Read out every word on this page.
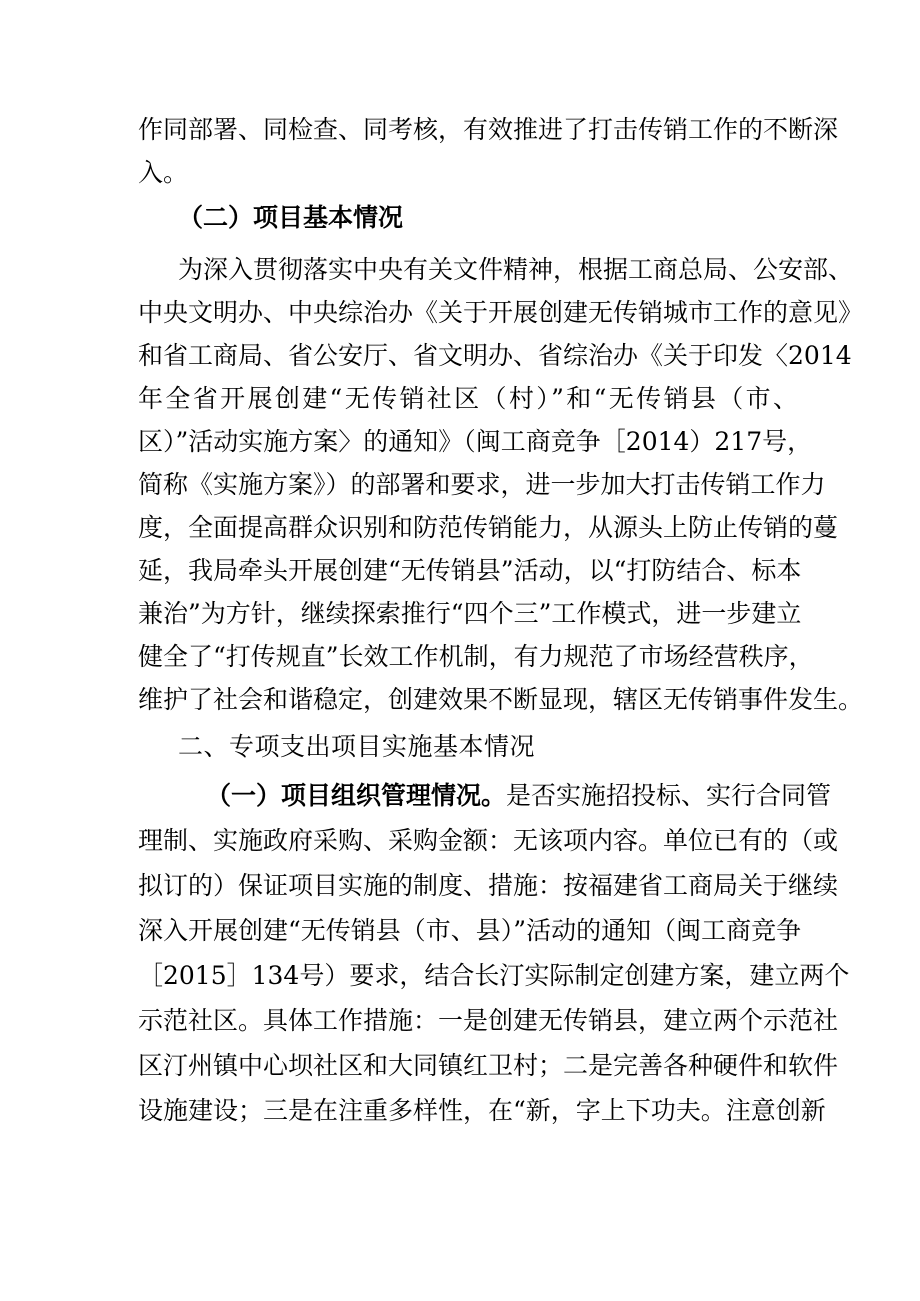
作同部署、同检查、同考核，有效推进了打击传销工作的不断深
入。
（二）项目基本情况
为深入贯彻落实中央有关文件精神，根据工商总局、公安部、
中央文明办、中央综治办《关于开展创建无传销城市工作的意见》
和省工商局、省公安厅、省文明办、省综治办《关于印发〈2014
年全省开展创建“无传销社区（村）”和“无传销县（市、
区）”活动实施方案〉的通知》（闽工商竞争［2014）217号，
简称《实施方案》）的部署和要求，进一步加大打击传销工作力
度，全面提高群众识别和防范传销能力，从源头上防止传销的蔓
延，我局牵头开展创建“无传销县”活动，以“打防结合、标本
兼治”为方针，继续探索推行“四个三”工作模式，进一步建立
健全了“打传规直”长效工作机制，有力规范了市场经营秩序，
维护了社会和谐稳定，创建效果不断显现，辖区无传销事件发生。
二、专项支出项目实施基本情况
（一）项目组织管理情况。是否实施招投标、实行合同管
理制、实施政府采购、采购金额：无该项内容。单位已有的（或
拟订的）保证项目实施的制度、措施：按福建省工商局关于继续
深入开展创建“无传销县（市、县）”活动的通知（闽工商竞争
［2015］134号）要求，结合长汀实际制定创建方案，建立两个
示范社区。具体工作措施：一是创建无传销县，建立两个示范社
区汀州镇中心坝社区和大同镇红卫村；二是完善各种硬件和软件
设施建设；三是在注重多样性，在“新，字上下功夫。注意创新
